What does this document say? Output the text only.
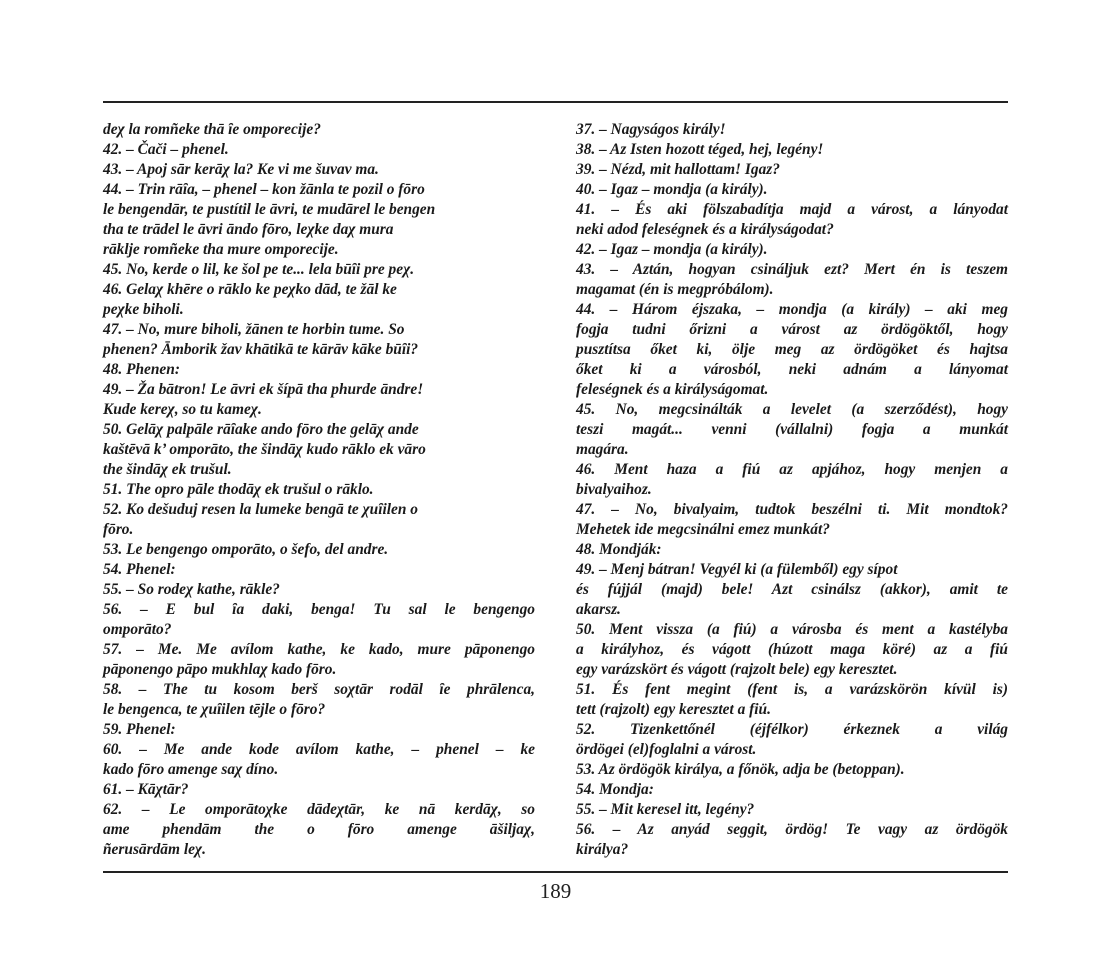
deχ la romñeke thā ȋe omporecije?
42. – Čači – phenel.
43. – Apoj sār kerāχ la? Ke vi me šuvav ma.
44. – Trin rāȋa, – phenel – kon žānla te pozil o fōro
le bengendār, te pustítil le āvri, te mudārel le bengen
tha te trādel le āvri āndo fōro, leχke daχ mura
rāklje romñeke tha mure omporecije.
45. No, kerde o lil, ke šol pe te... lela būȋi pre peχ.
46. Gelaχ khēre o rāklo ke peχko dād, te žāl ke
peχke biholi.
47. – No, mure biholi, žānen te horbin tume. So
phenen? Āmborik žav khātikā te kārāv kāke būȋi?
48. Phenen:
49. – Ža bātron! Le āvri ek šípā tha phurde āndre!
Kude kereχ, so tu kameχ.
50. Gelāχ palpāle rāȋake ando fōro the gelāχ ande
kaštēvā k’ omporāto, the šindāχ kudo rāklo ek vāro
the šindāχ ek trušul.
51. The opro pāle thodāχ ek trušul o rāklo.
52. Ko dešuduj resen la lumeke bengā te χuȋilen o
fōro.
53. Le bengengo omporāto, o šefo, del andre.
54. Phenel:
55. – So rodeχ kathe, rākle?
56. – E bul ȋa daki, benga! Tu sal le bengengo
omporāto?
57. – Me. Me avílom kathe, ke kado, mure pāponengo
pāponengo pāpo mukhlaχ kado fōro.
58. – The tu kosom berš soχtār rodāl ȋe phrālenca,
le bengenca, te χuȋilen tējle o fōro?
59. Phenel:
60. – Me ande kode avílom kathe, – phenel – ke
kado fōro amenge saχ díno.
61. – Kāχtār?
62. – Le omporātoχke dādeχtār, ke nā kerdāχ, so
ame phendām the o fōro amenge āšiljaχ,
ñerusārdām leχ.
37. – Nagyságos király!
38. – Az Isten hozott téged, hej, legény!
39. – Nézd, mit hallottam! Igaz?
40. – Igaz – mondja (a király).
41. – És aki fölszabadítja majd a várost, a lányodat
neki adod feleségnek és a királyságodat?
42. – Igaz – mondja (a király).
43. – Aztán, hogyan csináljuk ezt? Mert én is teszem
magamat (én is megpróbálom).
44. – Három éjszaka, – mondja (a király) – aki meg
fogja tudni őrizni a várost az ördögöktől, hogy
pusztítsa őket ki, ölje meg az ördögöket és hajtsa
őket ki a városból, neki adnám a lányomat
feleségnek és a királyságomat.
45. No, megcsinálták a levelet (a szerződést), hogy
teszi magát... venni (vállalni) fogja a munkát
magára.
46. Ment haza a fiú az apjához, hogy menjen a
bivalyaihoz.
47. – No, bivalyaim, tudtok beszélni ti. Mit mondtok?
Mehetek ide megcsinálni emez munkát?
48. Mondják:
49. – Menj bátran! Vegyél ki (a fülemből) egy sípot
és fújjál (majd) bele! Azt csinálsz (akkor), amit te
akarsz.
50. Ment vissza (a fiú) a városba és ment a kastélyba
a királyhoz, és vágott (húzott maga köré) az a fiú
egy varázskört és vágott (rajzolt bele) egy keresztet.
51. És fent megint (fent is, a varázskörön kívül is)
tett (rajzolt) egy keresztet a fiú.
52. Tizenkettőnél (éjfélkor) érkeznek a világ
ördögei (el)foglalni a várost.
53. Az ördögök királya, a főnök, adja be (betoppan).
54. Mondja:
55. – Mit keresel itt, legény?
56. – Az anyád seggit, ördög! Te vagy az ördögök
királya?
189
